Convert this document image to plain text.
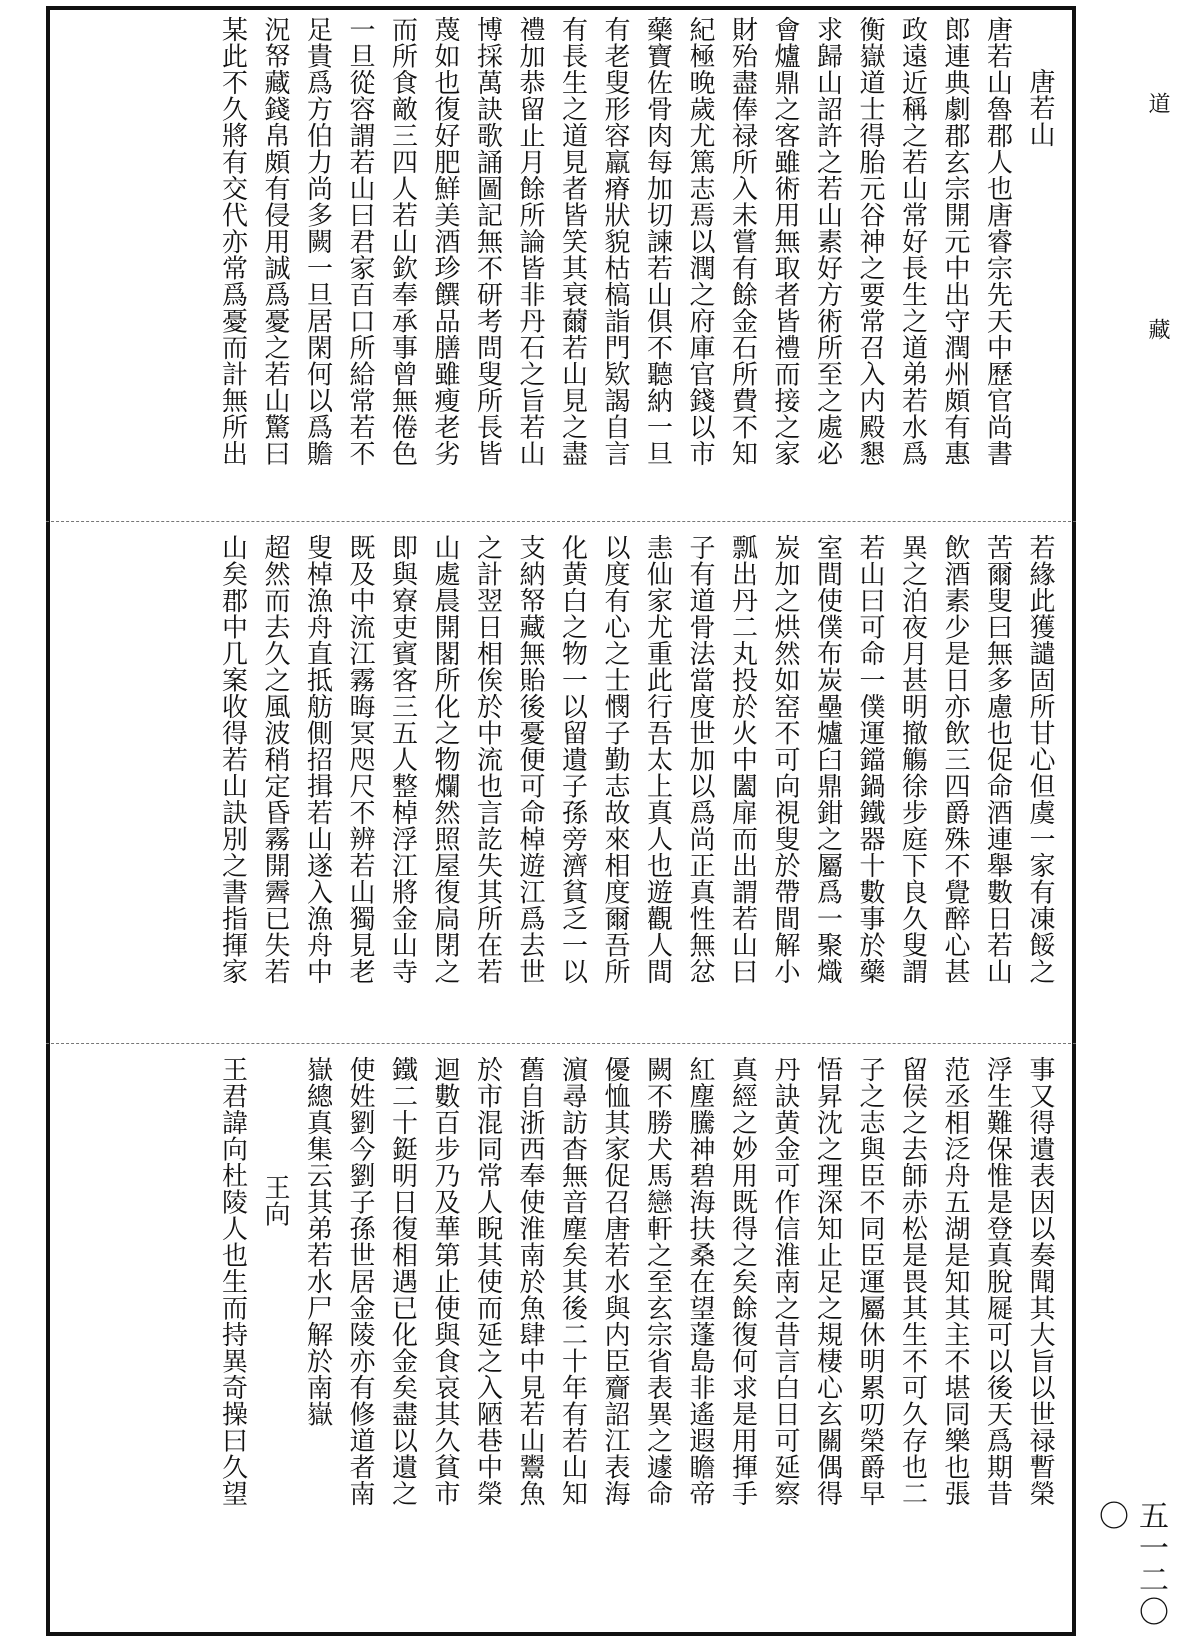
道
藏
五一二〇〇
唐若山
唐若山魯郡人也唐睿宗先天中歷官尚書
郎連典劇郡玄宗開元中出守潤州頗有惠
政遠近稱之若山常好長生之道弟若水爲
衡嶽道士得胎元谷神之要常召入内殿懇
求歸山詔許之若山素好方術所至之處必
會爐鼎之客雖術用無取者皆禮而接之家
財殆盡俸禄所入未嘗有餘金石所費不知
紀極晚歲尤篤志焉以潤之府庫官錢以市
藥寶佐骨肉每加切諫若山俱不聽納一旦
有老叟形容羸瘠狀貌枯槁詣門欵謁自言
有長生之道見者皆笑其衰薾若山見之盡
禮加恭留止月餘所論皆非丹石之旨若山
博採萬訣歌誦圖記無不研考問叟所長皆
蔑如也復好肥鮮美酒珍饌品膳雖瘦老劣
而所食敵三四人若山欽奉承事曾無倦色
一旦從容謂若山曰君家百口所給常若不
足貴爲方伯力尚多闕一旦居閑何以爲贍
況帑藏錢帛頗有侵用誠爲憂之若山驚曰
某此不久將有交代亦常爲憂而計無所出
若緣此獲譴固所甘心但虞一家有凍餒之
苦爾叟曰無多慮也促命酒連舉數日若山
飲酒素少是日亦飲三四爵殊不覺醉心甚
異之泊夜月甚明撤觴徐步庭下良久叟謂
若山曰可命一僕運鐺鍋鐵器十數事於藥
室間使僕布炭壘爐臼鼎鉗之屬爲一聚熾
炭加之烘然如窑不可向視叟於帶間解小
瓢出丹二丸投於火中闔扉而出謂若山曰
子有道骨法當度世加以爲尚正真性無忿
恚仙家尤重此行吾太上真人也遊觀人間
以度有心之士憫子勤志故來相度爾吾所
化黄白之物一以留遺子孫旁濟貧乏一以
支納帑藏無貽後憂便可命棹遊江爲去世
之計翌日相俟於中流也言訖失其所在若
山處晨開閣所化之物爛然照屋復扃閉之
即與寮吏賓客三五人整棹浮江將金山寺
既及中流江霧晦冥咫尺不辨若山獨見老
叟棹漁舟直抵舫側招揖若山遂入漁舟中
超然而去久之風波稍定昏霧開霽已失若
山矣郡中几案收得若山訣別之書指揮家
事又得遺表因以奏聞其大旨以世禄暫榮
浮生難保惟是登真脫屣可以後天爲期昔
范丞相泛舟五湖是知其主不堪同樂也張
留侯之去師赤松是畏其生不可久存也二
子之志與臣不同臣運屬休明累叨榮爵早
悟昇沈之理深知止足之規棲心玄關偶得
丹訣黄金可作信淮南之昔言白日可延察
真經之妙用既得之矣餘復何求是用揮手
紅塵騰神碧海扶桑在望蓬島非遙遐瞻帝
闕不勝犬馬戀軒之至玄宗省表異之遽命
優恤其家促召唐若水與内臣齎詔江表海
濵尋訪杳無音塵矣其後二十年有若山知
舊自浙西奉使淮南於魚肆中見若山鬻魚
於市混同常人睨其使而延之入陋巷中榮
迴數百步乃及華第止使與食哀其久貧市
鐵二十鋌明日復相遇已化金矣盡以遺之
使姓劉今劉子孫世居金陵亦有修道者南
嶽總真集云其弟若水尸解於南嶽
王向
王君諱向杜陵人也生而持異奇操曰久望
